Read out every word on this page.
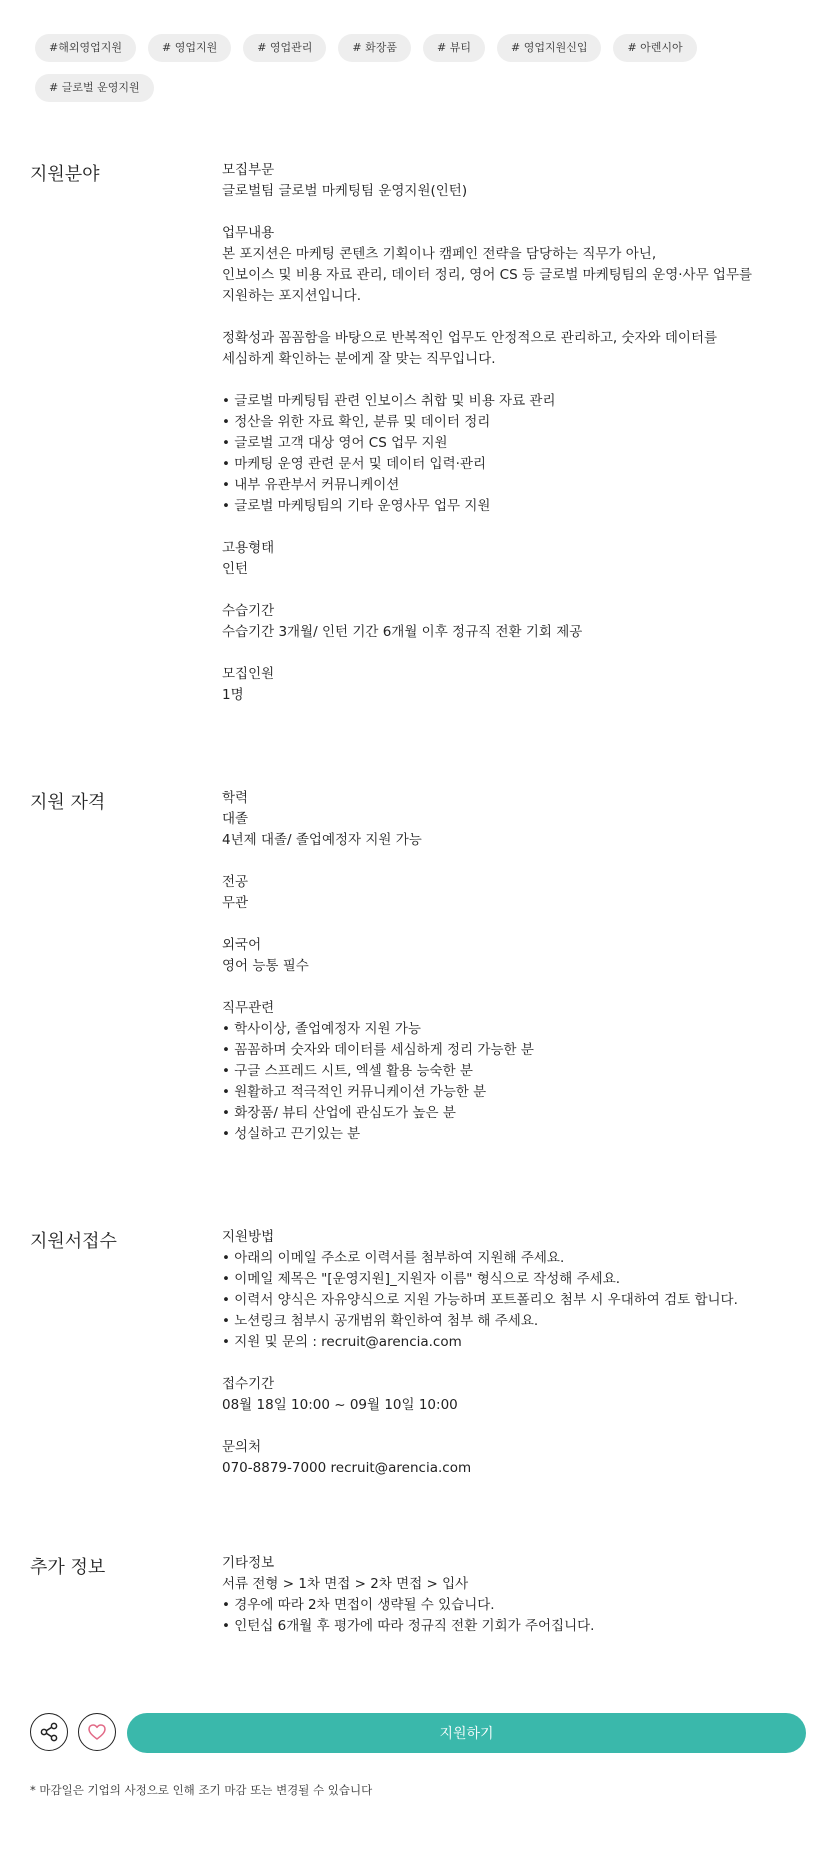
#해외영업지원	# 영업지원	# 영업관리	# 화장품	# 뷰티	# 영업지원신입	# 아렌시아# 글로벌 운영지원
지원분야	모집부문
글로벌팀 글로벌 마케팅팀 운영지원(인턴)
업무내용
본 포지션은 마케팅 콘텐츠 기획이나 캠페인 전략을 담당하는 직무가 아닌,
인보이스 및 비용 자료 관리, 데이터 정리, 영어 CS 등 글로벌 마케팅팀의 운영·사무 업무를
지원하는 포지션입니다.
정확성과 꼼꼼함을 바탕으로 반복적인 업무도 안정적으로 관리하고, 숫자와 데이터를
세심하게 확인하는 분에게 잘 맞는 직무입니다.
• 글로벌 마케팅팀 관련 인보이스 취합 및 비용 자료 관리
• 정산을 위한 자료 확인, 분류 및 데이터 정리
• 글로벌 고객 대상 영어 CS 업무 지원
• 마케팅 운영 관련 문서 및 데이터 입력·관리
• 내부 유관부서 커뮤니케이션
• 글로벌 마케팅팀의 기타 운영사무 업무 지원
고용형태
인턴
수습기간
수습기간 3개월/ 인턴 기간 6개월 이후 정규직 전환 기회 제공
모집인원
1명
지원 자격	학력
대졸
4년제 대졸/ 졸업예정자 지원 가능
전공
무관
외국어
영어 능통 필수
직무관련
• 학사이상, 졸업예정자 지원 가능
• 꼼꼼하며 숫자와 데이터를 세심하게 정리 가능한 분
• 구글 스프레드 시트, 엑셀 활용 능숙한 분
• 원활하고 적극적인 커뮤니케이션 가능한 분
• 화장품/ 뷰티 산업에 관심도가 높은 분
• 성실하고 끈기있는 분
지원서접수	지원방법
• 아래의 이메일 주소로 이력서를 첨부하여 지원해 주세요.
• 이메일 제목은 "[운영지원]_지원자 이름" 형식으로 작성해 주세요.
• 이력서 양식은 자유양식으로 지원 가능하며 포트폴리오 첨부 시 우대하여 검토 합니다.
• 노션링크 첨부시 공개범위 확인하여 첨부 해 주세요.
• 지원 및 문의 : recruit@arencia.com
접수기간
08월 18일 10:00 ~ 09월 10일 10:00
문의처
070-8879-7000 recruit@arencia.com
추가 정보	기타정보
서류 전형 > 1차 면접 > 2차 면접 > 입사
• 경우에 따라 2차 면접이 생략될 수 있습니다.
• 인턴십 6개월 후 평가에 따라 정규직 전환 기회가 주어집니다.
지원하기
* 마감일은 기업의 사정으로 인해 조기 마감 또는 변경될 수 있습니다
